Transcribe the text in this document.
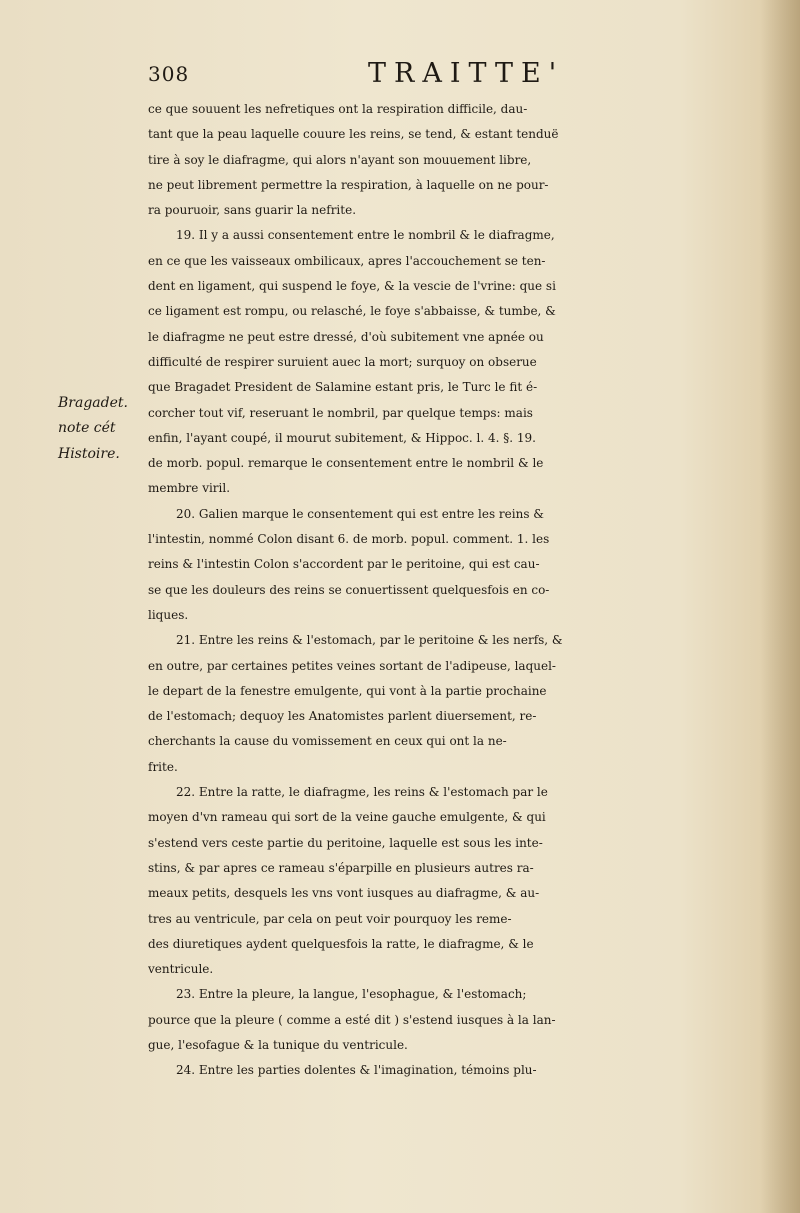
308	TRAITTE'
Bragadet.
note cét
Histoire.
ce que souuent les nefretiques ont la respiration difficile, dau-
tant que la peau laquelle couure les reins, se tend, & estant tenduë
tire à soy le diafragme, qui alors n'ayant son mouuement libre,
ne peut librement permettre la respiration, à laquelle on ne pour-
ra pouruoir, sans guarir la nefrite.
19. Il y a aussi consentement entre le nombril & le diafragme,
en ce que les vaisseaux ombilicaux, apres l'accouchement se ten-
dent en ligament, qui suspend le foye, & la vescie de l'vrine: que si
ce ligament est rompu, ou relasché, le foye s'abbaisse, & tumbe, &
le diafragme ne peut estre dressé, d'où subitement vne apnée ou
difficulté de respirer suruient auec la mort; surquoy on obserue
que Bragadet President de Salamine estant pris, le Turc le fit é-
corcher tout vif, reseruant le nombril, par quelque temps: mais
enfin, l'ayant coupé, il mourut subitement, & Hippoc. l. 4. §. 19.
de morb. popul. remarque le consentement entre le nombril & le
membre viril.
20. Galien marque le consentement qui est entre les reins &
l'intestin, nommé Colon disant 6. de morb. popul. comment. 1. les
reins & l'intestin Colon s'accordent par le peritoine, qui est cau-
se que les douleurs des reins se conuertissent quelquesfois en co-
liques.
21. Entre les reins & l'estomach, par le peritoine & les nerfs, &
en outre, par certaines petites veines sortant de l'adipeuse, laquel-
le depart de la fenestre emulgente, qui vont à la partie prochaine
de l'estomach; dequoy les Anatomistes parlent diuersement, re-
cherchants la cause du vomissement en ceux qui ont la ne-
frite.
22. Entre la ratte, le diafragme, les reins & l'estomach par le
moyen d'vn rameau qui sort de la veine gauche emulgente, & qui
s'estend vers ceste partie du peritoine, laquelle est sous les inte-
stins, & par apres ce rameau s'éparpille en plusieurs autres ra-
meaux petits, desquels les vns vont iusques au diafragme, & au-
tres au ventricule, par cela on peut voir pourquoy les reme-
des diuretiques aydent quelquesfois la ratte, le diafragme, & le
ventricule.
23. Entre la pleure, la langue, l'esophague, & l'estomach;
pource que la pleure ( comme a esté dit ) s'estend iusques à la lan-
gue, l'esofague & la tunique du ventricule.
24. Entre les parties dolentes & l'imagination, témoins plu-
